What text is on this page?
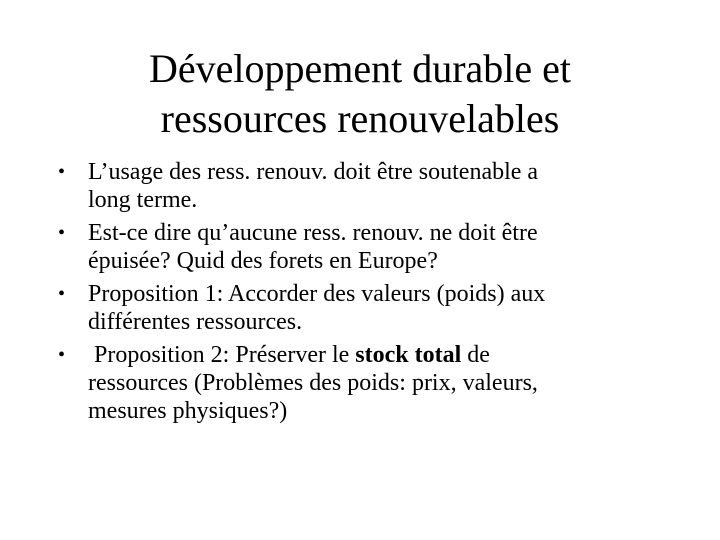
Développement durable et
ressources renouvelables
• L’usage des ress. renouv. doit être soutenable a
long terme.
• Est-ce dire qu’aucune ress. renouv. ne doit être
épuisée? Quid des forets en Europe?
• Proposition 1: Accorder des valeurs (poids) aux
différentes ressources.
• Proposition 2: Préserver le stock total de
ressources (Problèmes des poids: prix, valeurs,
mesures physiques?)
